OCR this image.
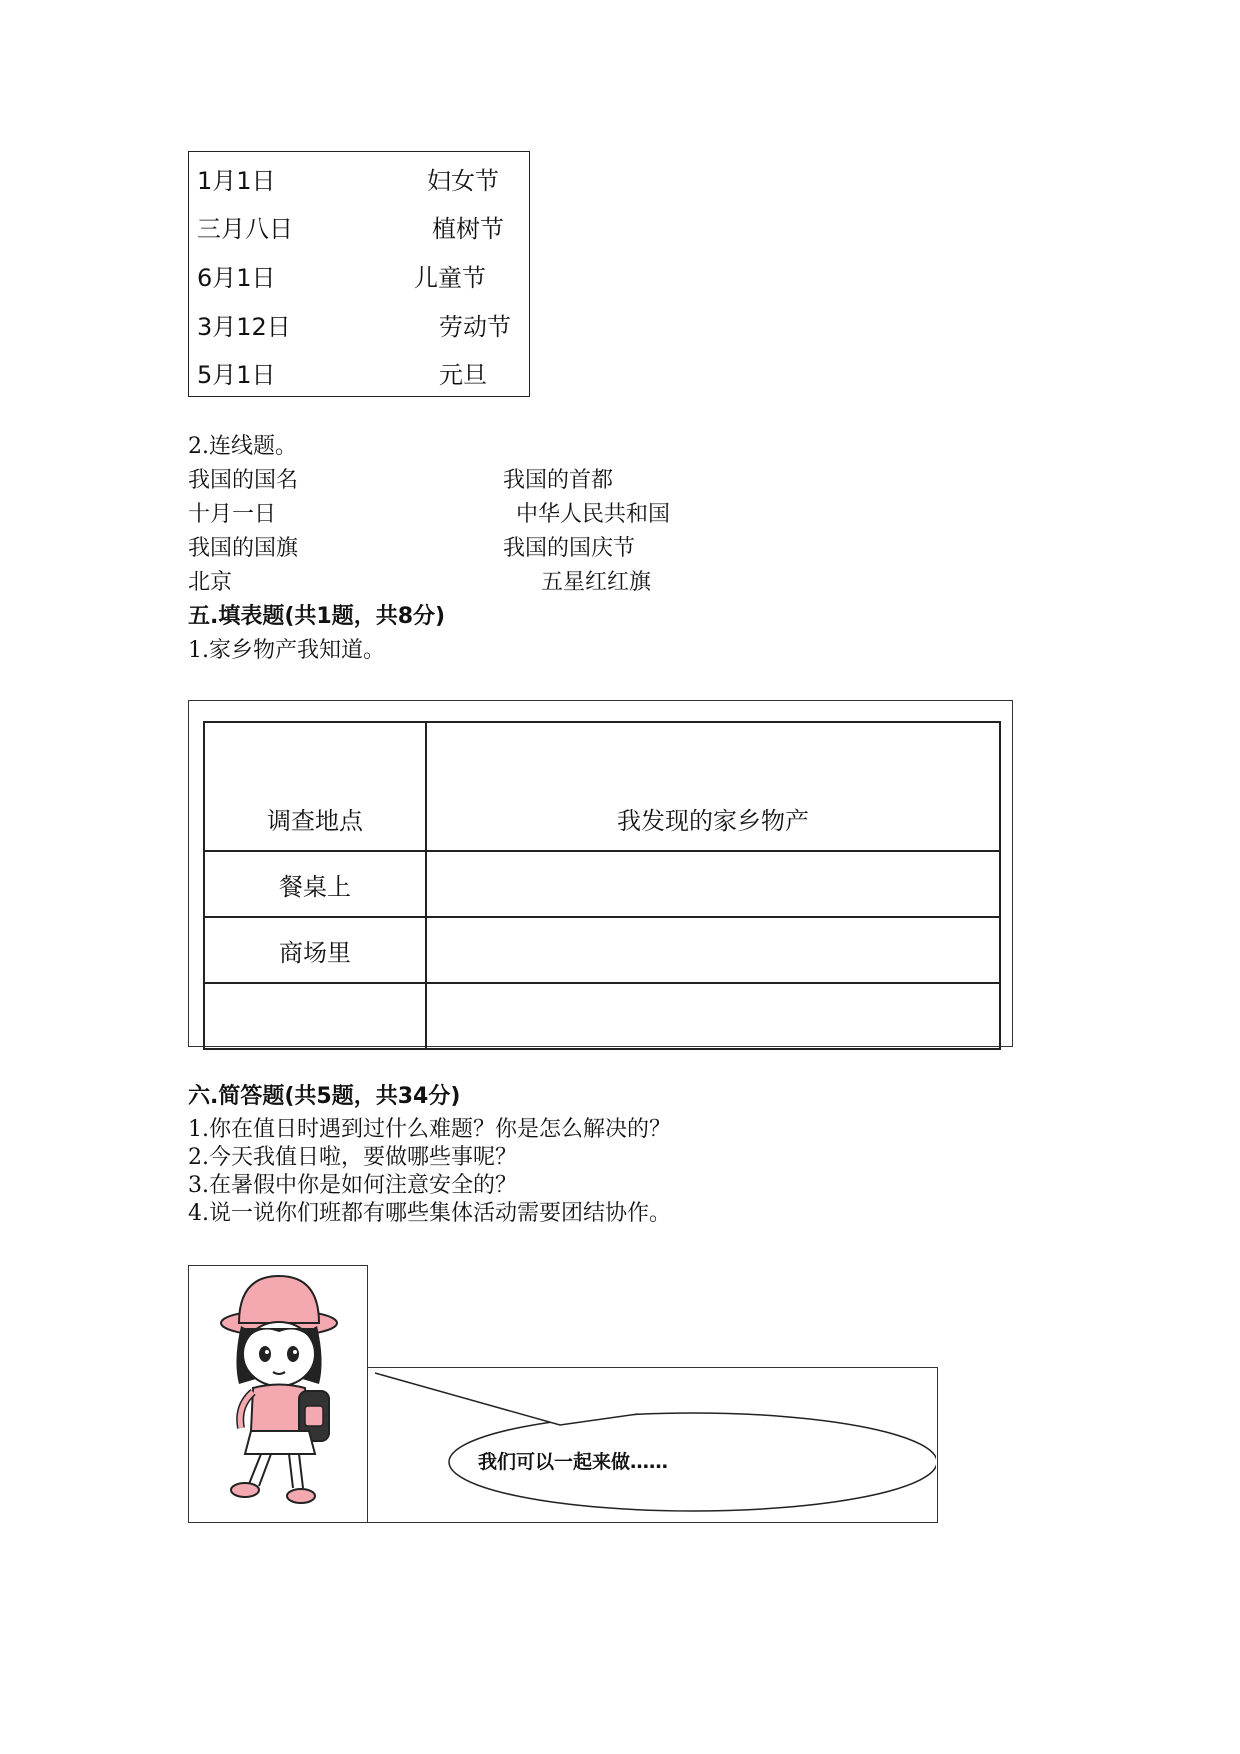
1月1日	妇女节
三月八日	植树节
6月1日	儿童节
3月12日	劳动节
5月1日	元旦
2.连线题。
我国的国名	我国的首都
十月一日	中华人民共和国
我国的国旗	我国的国庆节
北京	五星红红旗
五.填表题(共1题，共8分)
1.家乡物产我知道。
调查地点	我发现的家乡物产
餐桌上	
商场里	

六.简答题(共5题，共34分)
1.你在值日时遇到过什么难题？你是怎么解决的？
2.今天我值日啦，要做哪些事呢？
3.在暑假中你是如何注意安全的？
4.说一说你们班都有哪些集体活动需要团结协作。
我们可以一起来做……
